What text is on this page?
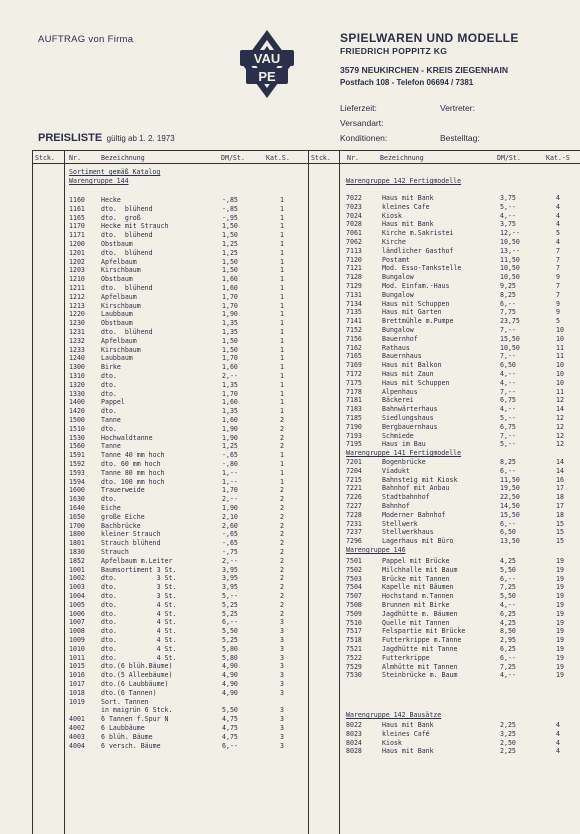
AUFTRAG von Firma
VAU
PE
SPIELWAREN UND MODELLE
FRIEDRICH POPPITZ KG
3579 NEUKIRCHEN - KREIS ZIEGENHAIN
Postfach 108 - Telefon 06694 / 7381
Lieferzeit:	Vertreter:
Versandart:
Konditionen:	Bestelltag:
PREISLISTE gültig ab 1. 2. 1973
Stck. Nr.	Bezeichnung	DM/St.	Kat.S.	Stck. Nr.	Bezeichnung	DM/St.	Kat.-S
Sortiment gemäß Katalog
Warengruppe 144
1160 Hecke	-,85	1
1161 dto.  blühend	-,85	1
1165 dto.  groß	-,95	1
1170 Hecke mit Strauch	1,50	1
1171 dto.  blühend	1,50	1
1200 Obstbaum	1,25	1
1201 dto.  blühend	1,25	1
1202 Apfelbaum	1,50	1
1203 Kirschbaum	1,50	1
1210 Obstbaum	1,60	1
1211 dto.  blühend	1,60	1
1212 Apfelbaum	1,70	1
1213 Kirschbaum	1,70	1
1220 Laubbaum	1,90	1
1230 Obstbaum	1,35	1
1231 dto.  blühend	1,35	1
1232 Apfelbaum	1,50	1
1233 Kirschbaum	1,50	1
1240 Laubbaum	1,70	1
1300 Birke	1,60	1
1310 dto.	2,--	1
1320 dto.	1,35	1
1330 dto.	1,70	1
1400 Pappel	1,60	1
1420 dto.	1,35	1
1500 Tanne	1,60	2
1510 dto.	1,90	2
1530 Hochwaldtanne	1,90	2
1560 Tanne	1,25	2
1591 Tanne 40 mm hoch	-,65	1
1592 dto. 60 mm hoch	-,80	1
1593 Tanne 80 mm hoch	1,--	1
1594 dto. 100 mm hoch	1,--	1
1600 Trauerweide	1,70	2
1630 dto.	2,--	2
1640 Eiche	1,90	2
1650 große Eiche	2,10	2
1700 Bachbrücke	2,60	2
1800 kleiner Strauch	-,65	2
1801 Strauch blühend	-,65	2
1830 Strauch	-,75	2
1852 Apfelbaum m.Leiter	2,--	2
1001 Baumsortiment 3 St.	3,95	2
1002 dto.          3 St.	3,95	2
1003 dto.          3 St.	3,95	2
1004 dto.          3 St.	5,--	2
1005 dto.          4 St.	5,25	2
1006 dto.          4 St.	5,25	2
1007 dto.          4 St.	6,--	3
1008 dto.          4 St.	5,50	3
1009 dto.          4 St.	5,25	3
1010 dto.          4 St.	5,80	3
1011 dto.          4 St.	5,80	3
1015 dto.(6 blüh.Bäume)	4,90	3
1016 dto.(5 Alleebäume)	4,90	3
1017 dto.(6 Laubbäume)	4,90	3
1018 dto.(6 Tannen)	4,90	3
1019 Sort. Tannen
in maigrün 6 Stck.	5,50	3
4001 6 Tannen f.Spur N	4,75	3
4002 6 Laubbäume	4,75	3
4003 6 blüh. Bäume	4,75	3
4004 6 versch. Bäume	6,--	3
Warengruppe 142 Fertigmodelle
Warengruppe 141 Fertigmodelle
Warengruppe 146
Warengruppe 142 Bausätze
7022	Haus mit Bank	3,75	4
7023	kleines Cafe	5,--	4
7024	Kiosk	4,--	4
7028	Haus mit Bank	3,75	4
7061	Kirche m.Sakristei	12,--	5
7062	Kirche	10,50	4
7113	ländlicher Gasthof	13,--	7
7120	Postamt	11,50	7
7121	Mod. Esso-Tankstelle	10,50	7
7128	Bungalow	10,50	9
7129	Mod. Einfam.-Haus	9,25	7
7131	Bungalow	8,25	7
7134	Haus mit Schuppen	6,--	9
7135	Haus mit Garten	7,75	9
7141	Brettmühle m.Pumpe	23,75	5
7152	Bungalow	7,--	10
7156	Bauernhof	15,50	10
7162	Rathaus	10,50	11
7165	Bauernhaus	7,--	11
7169	Haus mit Balkon	6,50	10
7172	Haus mit Zaun	4,--	10
7175	Haus mit Schuppen	4,--	10
7178	Alpenhaus	7,--	11
7181	Bäckerei	6,75	12
7183	Bahnwärterhaus	4,--	14
7185	Siedlungshaus	5,--	12
7190	Bergbauernhaus	6,75	12
7193	Schmiede	7,--	12
7195	Haus im Bau	5,--	12
7201	Bogenbrücke	8,25	14
7204	Viadukt	6,--	14
7215	Bahnsteig mit Kiosk	11,50	16
7221	Bahnhof mit Anbau	19,50	17
7226	Stadtbahnhof	22,50	18
7227	Bahnhof	14,50	17
7228	Moderner Bahnhof	15,50	18
7231	Stellwerk	6,--	15
7237	Stellwerkhaus	6,50	15
7296	Lagerhaus mit Büro	13,50	15
7501	Pappel mit Brücke	4,25	19
7502	Milchhalle mit Baum	5,50	19
7503	Brücke mit Tannen	6,--	19
7504	Kapelle mit Bäumen	7,25	19
7507	Hochstand m.Tannen	5,50	19
7508	Brunnen mit Birke	4,--	19
7509	Jagdhütte m. Bäumen	6,25	19
7510	Quelle mit Tannen	4,25	19
7517	Felspartie mit Brücke	8,50	19
7518	Futterkrippe m.Tanne	2,95	19
7521	Jagdhütte mit Tanne	6,25	19
7522	Futterkrippe	6,--	19
7529	Almhütte mit Tannen	7,25	19
7530	Steinbrücke m. Baum	4,--	19
8022	Haus mit Bank	2,25	4
8023	kleines Café	3,25	4
8024	Kiosk	2,50	4
8028	Haus mit Bank	2,25	4
